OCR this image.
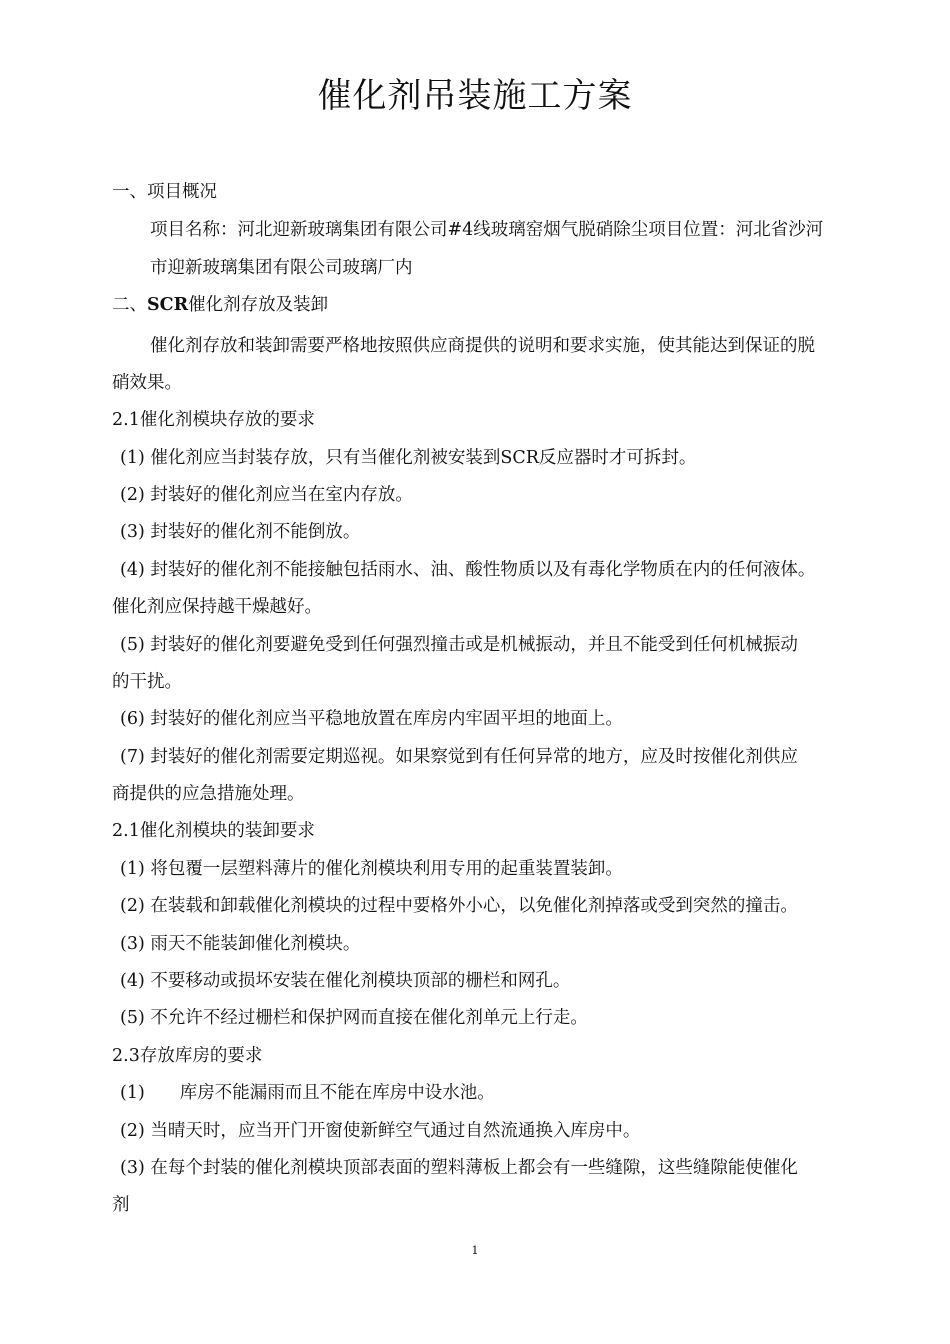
催化剂吊装施工方案
一、项目概况
项目名称：河北迎新玻璃集团有限公司#4线玻璃窑烟气脱硝除尘项目位置：河北省沙河
市迎新玻璃集团有限公司玻璃厂内
二、SCR催化剂存放及装卸
催化剂存放和装卸需要严格地按照供应商提供的说明和要求实施，使其能达到保证的脱
硝效果。
2.1催化剂模块存放的要求
(1) 催化剂应当封装存放，只有当催化剂被安装到SCR反应器时才可拆封。
(2) 封装好的催化剂应当在室内存放。
(3) 封装好的催化剂不能倒放。
(4) 封装好的催化剂不能接触包括雨水、油、酸性物质以及有毒化学物质在内的任何液体。
催化剂应保持越干燥越好。
(5) 封装好的催化剂要避免受到任何强烈撞击或是机械振动，并且不能受到任何机械振动
的干扰。
(6) 封装好的催化剂应当平稳地放置在库房内牢固平坦的地面上。
(7) 封装好的催化剂需要定期巡视。如果察觉到有任何异常的地方，应及时按催化剂供应
商提供的应急措施处理。
2.1催化剂模块的装卸要求
(1) 将包覆一层塑料薄片的催化剂模块利用专用的起重装置装卸。
(2) 在装载和卸载催化剂模块的过程中要格外小心，以免催化剂掉落或受到突然的撞击。
(3) 雨天不能装卸催化剂模块。
(4) 不要移动或损坏安装在催化剂模块顶部的栅栏和网孔。
(5) 不允许不经过栅栏和保护网而直接在催化剂单元上行走。
2.3存放库房的要求
(1)　　库房不能漏雨而且不能在库房中设水池。
(2) 当晴天时，应当开门开窗使新鲜空气通过自然流通换入库房中。
(3) 在每个封装的催化剂模块顶部表面的塑料薄板上都会有一些缝隙，这些缝隙能使催化
剂
1
